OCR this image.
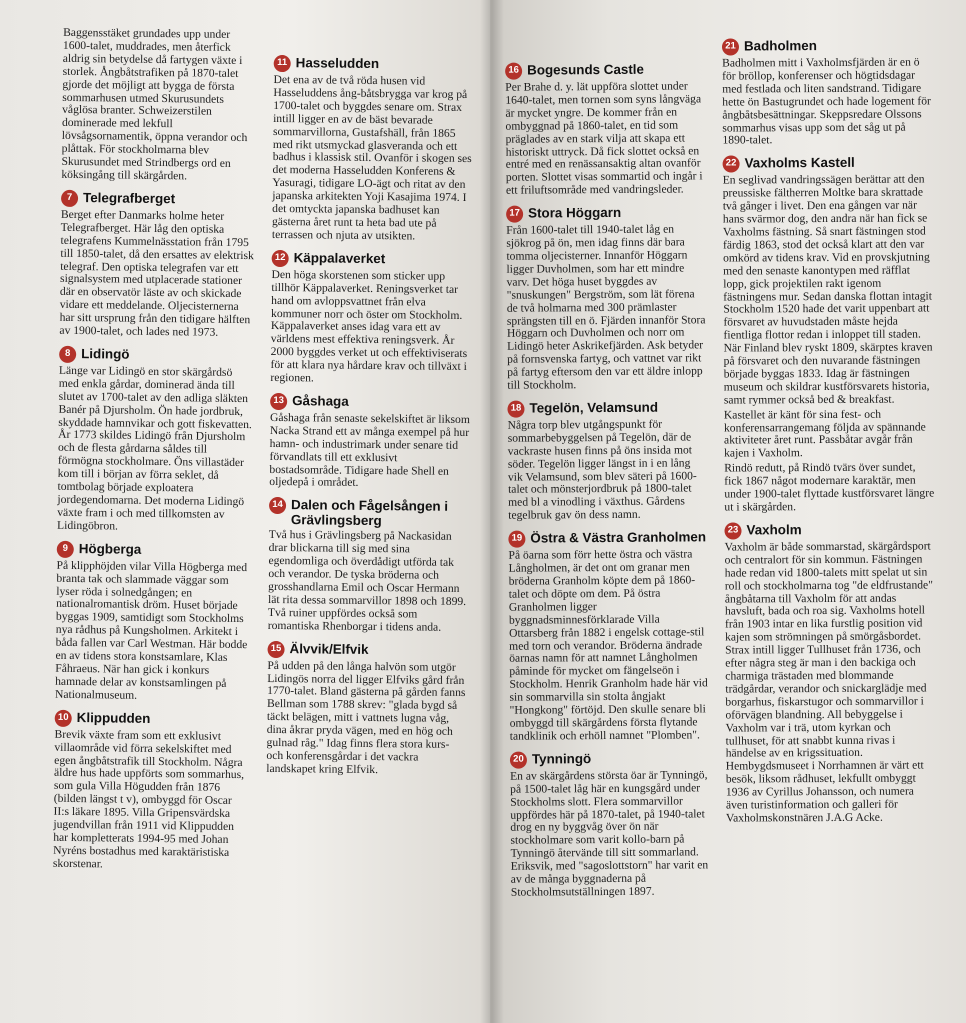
Baggensstäket grundades upp under 1600-talet, muddrades, men återfick aldrig sin betydelse då fartygen växte i storlek. Ångbåtstrafiken på 1870-talet gjorde det möjligt att bygga de första sommarhusen utmed Skurusundets våglösa branter. Schweizerstilen dominerade med lekfull lövsågsornamentik, öppna verandor och plåttak. För stockholmarna blev Skurusundet med Strindbergs ord en köksingång till skärgården.

7 Telegrafberget

Berget efter Danmarks holme heter Telegrafberget. Här låg den optiska telegrafens Kummelnässtation från 1795 till 1850-talet, då den ersattes av elektrisk telegraf. Den optiska telegrafen var ett signalsystem med utplacerade stationer där en observatör läste av och skickade vidare ett meddelande. Oljecisternerna har sitt ursprung från den tidigare hälften av 1900-talet, och lades ned 1973.

8 Lidingö

Länge var Lidingö en stor skärgårdsö med enkla gårdar, dominerad ända till slutet av 1700-talet av den adliga släkten Banér på Djursholm. Ön hade jordbruk, skyddade hamnvikar och gott fiskevatten. År 1773 skildes Lidingö från Djursholm och de flesta gårdarna såldes till förmögna stockholmare. Öns villastäder kom till i början av förra seklet, då tomtbolag började exploatera jordegendomarna. Det moderna Lidingö växte fram i och med tillkomsten av Lidingöbron.

9 Högberga

På klipphöjden vilar Villa Högberga med branta tak och slammade väggar som lyser röda i solnedgången; en nationalromantisk dröm. Huset började byggas 1909, samtidigt som Stockholms nya rådhus på Kungsholmen. Arkitekt i båda fallen var Carl Westman. Här bodde en av tidens stora konstsamlare, Klas Fåhraeus. När han gick i konkurs hamnade delar av konstsamlingen på Nationalmuseum.

10 Klippudden

Brevik växte fram som ett exklusivt villaområde vid förra sekelskiftet med egen ångbåtstrafik till Stockholm. Några äldre hus hade uppförts som sommarhus, som gula Villa Högudden från 1876 (bilden längst t v), ombyggd för Oscar II:s läkare 1895. Villa Gripensvärdska jugendvillan från 1911 vid Klippudden har kompletterats 1994-95 med Johan Nyréns bostadhus med karaktäristiska skorstenar.

11 Hasseludden

Det ena av de två röda husen vid Hasseluddens ång-båtsbrygga var krog på 1700-talet och byggdes senare om. Strax intill ligger en av de bäst bevarade sommarvillorna, Gustafshäll, från 1865 med rikt utsmyckad glasveranda och ett badhus i klassisk stil. Ovanför i skogen ses det moderna Hasseludden Konferens & Yasuragi, tidigare LO-ägt och ritat av den japanska arkitekten Yoji Kasajima 1974. I det omtyckta japanska badhuset kan gästerna året runt ta heta bad ute på terrassen och njuta av utsikten.

12 Käppalaverket

Den höga skorstenen som sticker upp tillhör Käppalaverket. Reningsverket tar hand om avloppsvattnet från elva kommuner norr och öster om Stockholm. Käppalaverket anses idag vara ett av världens mest effektiva reningsverk. År 2000 byggdes verket ut och effektiviserats för att klara nya hårdare krav och tillväxt i regionen.

13 Gåshaga

Gåshaga från senaste sekelskiftet är liksom Nacka Strand ett av många exempel på hur hamn- och industrimark under senare tid förvandlats till ett exklusivt bostadsområde. Tidigare hade Shell en oljedepå i området.

14 Dalen och Fågelsången i Grävlingsberg

Två hus i Grävlingsberg på Nackasidan drar blickarna till sig med sina egendomliga och överdådigt utförda tak och verandor. De tyska bröderna och grosshandlarna Emil och Oscar Hermann lät rita dessa sommarvillor 1898 och 1899. Två ruiner uppfördes också som romantiska Rhenborgar i tidens anda.

15 Älvvik/Elfvik

På udden på den långa halvön som utgör Lidingös norra del ligger Elfviks gård från 1770-talet. Bland gästerna på gården fanns Bellman som 1788 skrev: "glada bygd så täckt belägen, mitt i vattnets lugna våg, dina åkrar pryda vägen, med en hög och gulnad råg." Idag finns flera stora kurs- och konferensgårdar i det vackra landskapet kring Elfvik.

16 Bogesunds Castle

Per Brahe d. y. lät uppföra slottet under 1640-talet, men tornen som syns långväga är mycket yngre. De kommer från en ombyggnad på 1860-talet, en tid som präglades av en stark vilja att skapa ett historiskt uttryck. Då fick slottet också en entré med en renässansaktig altan ovanför porten. Slottet visas sommartid och ingår i ett friluftsområde med vandringsleder.

17 Stora Höggarn

Från 1600-talet till 1940-talet låg en sjökrog på ön, men idag finns där bara tomma oljecisterner. Innanför Höggarn ligger Duvholmen, som har ett mindre varv. Det höga huset byggdes av "snuskungen" Bergström, som lät förena de två holmarna med 300 prämlaster sprängsten till en ö. Fjärden innanför Stora Höggarn och Duvholmen och norr om Lidingö heter Askrikefjärden. Ask betyder på fornsvenska fartyg, och vattnet var rikt på fartyg eftersom den var ett äldre inlopp till Stockholm.

18 Tegelön, Velamsund

Några torp blev utgångspunkt för sommarbebyggelsen på Tegelön, där de vackraste husen finns på öns insida mot söder. Tegelön ligger längst in i en lång vik Velamsund, som blev säteri på 1600-talet och mönsterjordbruk på 1800-talet med bl a vinodling i växthus. Gårdens tegelbruk gav ön dess namn.

19 Östra & Västra Granholmen

På öarna som förr hette östra och västra Långholmen, är det ont om granar men bröderna Granholm köpte dem på 1860-talet och döpte om dem. På östra Granholmen ligger byggnadsminnesförklarade Villa Ottarsberg från 1882 i engelsk cottage-stil med torn och verandor. Bröderna ändrade öarnas namn för att namnet Långholmen påminde för mycket om fängelseön i Stockholm. Henrik Granholm hade här vid sin sommarvilla sin stolta ångjakt "Hongkong" förtöjd. Den skulle senare bli ombyggd till skärgårdens första flytande tandklinik och erhöll namnet "Plomben".

20 Tynningö

En av skärgårdens största öar är Tynningö, på 1500-talet låg här en kungsgård under Stockholms slott. Flera sommarvillor uppfördes här på 1870-talet, på 1940-talet drog en ny byggvåg över ön när stockholmare som varit kollo-barn på Tynningö återvände till sitt sommarland. Eriksvik, med "sagoslottstorn" har varit en av de många byggnaderna på Stockholmsutställningen 1897.

21 Badholmen

Badholmen mitt i Vaxholmsfjärden är en ö för bröllop, konferenser och högtidsdagar med festlada och liten sandstrand. Tidigare hette ön Bastugrundet och hade logement för ångbåtsbesättningar. Skeppsredare Olssons sommarhus visas upp som det såg ut på 1890-talet.

22 Vaxholms Kastell

En seglivad vandringssägen berättar att den preussiske fältherren Moltke bara skrattade två gånger i livet. Den ena gången var när hans svärmor dog, den andra när han fick se Vaxholms fästning. Så snart fästningen stod färdig 1863, stod det också klart att den var omkörd av tidens krav. Vid en provskjutning med den senaste kanontypen med räfflat lopp, gick projektilen rakt igenom fästningens mur. Sedan danska flottan intagit Stockholm 1520 hade det varit uppenbart att försvaret av huvudstaden måste hejda fientliga flottor redan i inloppet till staden. När Finland blev ryskt 1809, skärptes kraven på försvaret och den nuvarande fästningen började byggas 1833. Idag är fästningen museum och skildrar kustförsvarets historia, samt rymmer också bed & breakfast.

Kastellet är känt för sina fest- och konferensarrangemang följda av spännande aktiviteter året runt. Passbåtar avgår från kajen i Vaxholm.

Rindö redutt, på Rindö tvärs över sundet, fick 1867 något modernare karaktär, men under 1900-talet flyttade kustförsvaret längre ut i skärgården.

23 Vaxholm

Vaxholm är både sommarstad, skärgårdsport och centralort för sin kommun. Fästningen hade redan vid 1800-talets mitt spelat ut sin roll och stockholmarna tog "de eldfrustande" ångbåtarna till Vaxholm för att andas havsluft, bada och roa sig. Vaxholms hotell från 1903 intar en lika furstlig position vid kajen som strömningen på smörgåsbordet. Strax intill ligger Tullhuset från 1736, och efter några steg är man i den backiga och charmiga trästaden med blommande trädgårdar, verandor och snickarglädje med borgarhus, fiskarstugor och sommarvillor i oförvägen blandning. All bebyggelse i Vaxholm var i trä, utom kyrkan och tullhuset, för att snabbt kunna rivas i händelse av en krigssituation. Hembygdsmuseet i Norrhamnen är värt ett besök, liksom rådhuset, lekfullt ombyggt 1936 av Cyrillus Johansson, och numera även turistinformation och galleri för Vaxholmskonstnären J.A.G Acke.
